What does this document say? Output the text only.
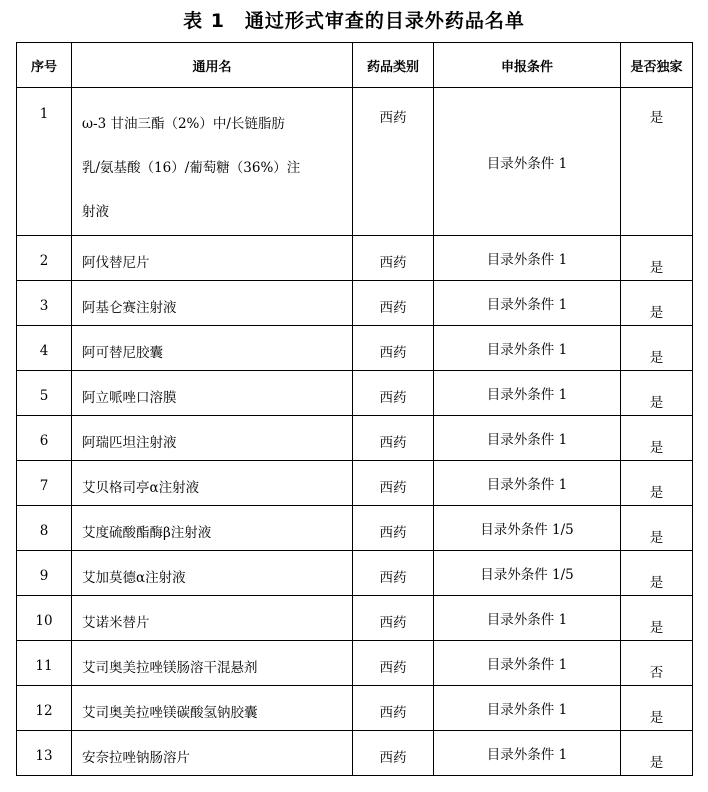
表 1　通过形式审查的目录外药品名单
序号	通用名	药品类别	申报条件	是否独家
1	ω-3 甘油三酯（2%）中/长链脂肪
乳/氨基酸（16）/葡萄糖（36%）注
射液	西药	目录外条件 1	是
2	阿伐替尼片	西药	目录外条件 1	是
3	阿基仑赛注射液	西药	目录外条件 1	是
4	阿可替尼胶囊	西药	目录外条件 1	是
5	阿立哌唑口溶膜	西药	目录外条件 1	是
6	阿瑞匹坦注射液	西药	目录外条件 1	是
7	艾贝格司亭α注射液	西药	目录外条件 1	是
8	艾度硫酸酯酶β注射液	西药	目录外条件 1/5	是
9	艾加莫德α注射液	西药	目录外条件 1/5	是
10	艾诺米替片	西药	目录外条件 1	是
11	艾司奥美拉唑镁肠溶干混悬剂	西药	目录外条件 1	否
12	艾司奥美拉唑镁碳酸氢钠胶囊	西药	目录外条件 1	是
13	安奈拉唑钠肠溶片	西药	目录外条件 1	是
